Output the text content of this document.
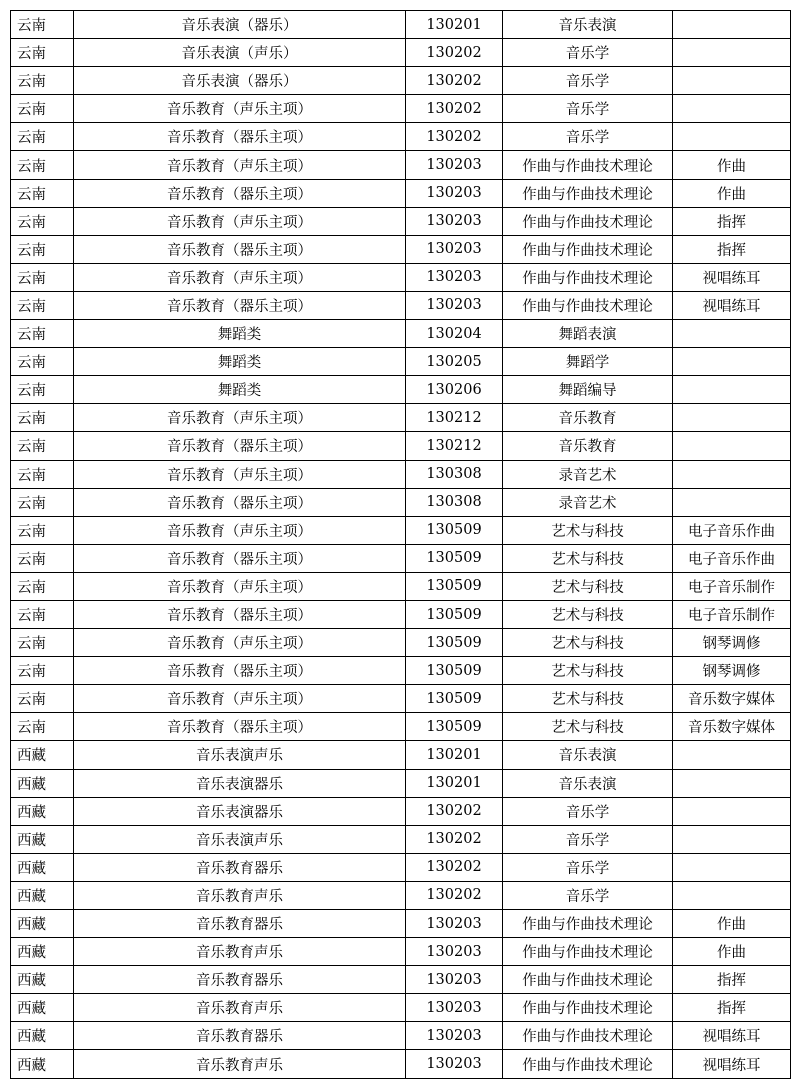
云南	音乐表演（器乐）	130201	音乐表演	
云南	音乐表演（声乐）	130202	音乐学	
云南	音乐表演（器乐）	130202	音乐学	
云南	音乐教育（声乐主项）	130202	音乐学	
云南	音乐教育（器乐主项）	130202	音乐学	
云南	音乐教育（声乐主项）	130203	作曲与作曲技术理论	作曲
云南	音乐教育（器乐主项）	130203	作曲与作曲技术理论	作曲
云南	音乐教育（声乐主项）	130203	作曲与作曲技术理论	指挥
云南	音乐教育（器乐主项）	130203	作曲与作曲技术理论	指挥
云南	音乐教育（声乐主项）	130203	作曲与作曲技术理论	视唱练耳
云南	音乐教育（器乐主项）	130203	作曲与作曲技术理论	视唱练耳
云南	舞蹈类	130204	舞蹈表演	
云南	舞蹈类	130205	舞蹈学	
云南	舞蹈类	130206	舞蹈编导	
云南	音乐教育（声乐主项）	130212	音乐教育	
云南	音乐教育（器乐主项）	130212	音乐教育	
云南	音乐教育（声乐主项）	130308	录音艺术	
云南	音乐教育（器乐主项）	130308	录音艺术	
云南	音乐教育（声乐主项）	130509	艺术与科技	电子音乐作曲
云南	音乐教育（器乐主项）	130509	艺术与科技	电子音乐作曲
云南	音乐教育（声乐主项）	130509	艺术与科技	电子音乐制作
云南	音乐教育（器乐主项）	130509	艺术与科技	电子音乐制作
云南	音乐教育（声乐主项）	130509	艺术与科技	钢琴调修
云南	音乐教育（器乐主项）	130509	艺术与科技	钢琴调修
云南	音乐教育（声乐主项）	130509	艺术与科技	音乐数字媒体
云南	音乐教育（器乐主项）	130509	艺术与科技	音乐数字媒体
西藏	音乐表演声乐	130201	音乐表演	
西藏	音乐表演器乐	130201	音乐表演	
西藏	音乐表演器乐	130202	音乐学	
西藏	音乐表演声乐	130202	音乐学	
西藏	音乐教育器乐	130202	音乐学	
西藏	音乐教育声乐	130202	音乐学	
西藏	音乐教育器乐	130203	作曲与作曲技术理论	作曲
西藏	音乐教育声乐	130203	作曲与作曲技术理论	作曲
西藏	音乐教育器乐	130203	作曲与作曲技术理论	指挥
西藏	音乐教育声乐	130203	作曲与作曲技术理论	指挥
西藏	音乐教育器乐	130203	作曲与作曲技术理论	视唱练耳
西藏	音乐教育声乐	130203	作曲与作曲技术理论	视唱练耳
